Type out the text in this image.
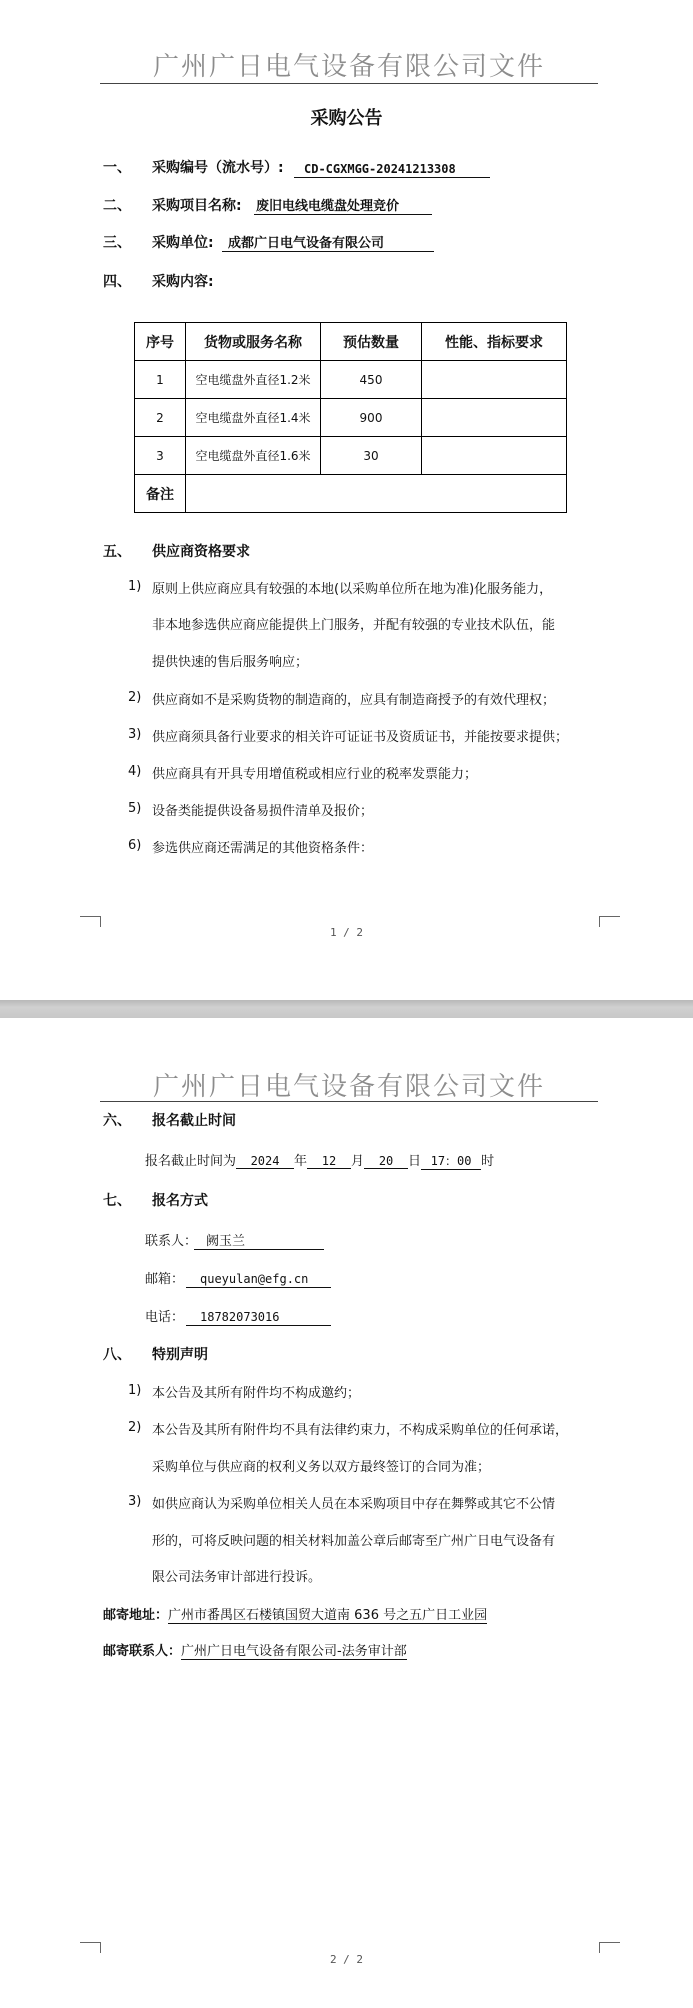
广州广日电气设备有限公司文件
采购公告
一、 采购编号（流水号）:	CD-CGXMGG-20241213308
二、 采购项目名称: 废旧电线电缆盘处理竞价
三、 采购单位:	成都广日电气设备有限公司
四、 采购内容:
序号	货物或服务名称	预估数量	性能、指标要求
1	空电缆盘外直径1.2米	450	
2	空电缆盘外直径1.4米	900	
3	空电缆盘外直径1.6米	30	
备注			
五、 供应商资格要求
1) 原则上供应商应具有较强的本地(以采购单位所在地为准)化服务能力，
非本地参选供应商应能提供上门服务，并配有较强的专业技术队伍，能
提供快速的售后服务响应；
2) 供应商如不是采购货物的制造商的，应具有制造商授予的有效代理权；
3) 供应商须具备行业要求的相关许可证证书及资质证书，并能按要求提供；
4) 供应商具有开具专用增值税或相应行业的税率发票能力；
5) 设备类能提供设备易损件清单及报价；
6) 参选供应商还需满足的其他资格条件：
1 / 2
广州广日电气设备有限公司文件
六、 报名截止时间
报名截止时间为 2024 年 12 月 20 日 17：00 时
七、 报名方式
联系人： 阙玉兰
邮箱：	queyulan@efg.cn
电话：	18782073016
八、 特别声明
1) 本公告及其所有附件均不构成邀约；
2) 本公告及其所有附件均不具有法律约束力，不构成采购单位的任何承诺，
采购单位与供应商的权利义务以双方最终签订的合同为准；
3) 如供应商认为采购单位相关人员在本采购项目中存在舞弊或其它不公情
形的，可将反映问题的相关材料加盖公章后邮寄至广州广日电气设备有
限公司法务审计部进行投诉。
邮寄地址：广州市番禺区石楼镇国贸大道南 636 号之五广日工业园
邮寄联系人：广州广日电气设备有限公司-法务审计部
2 / 2
